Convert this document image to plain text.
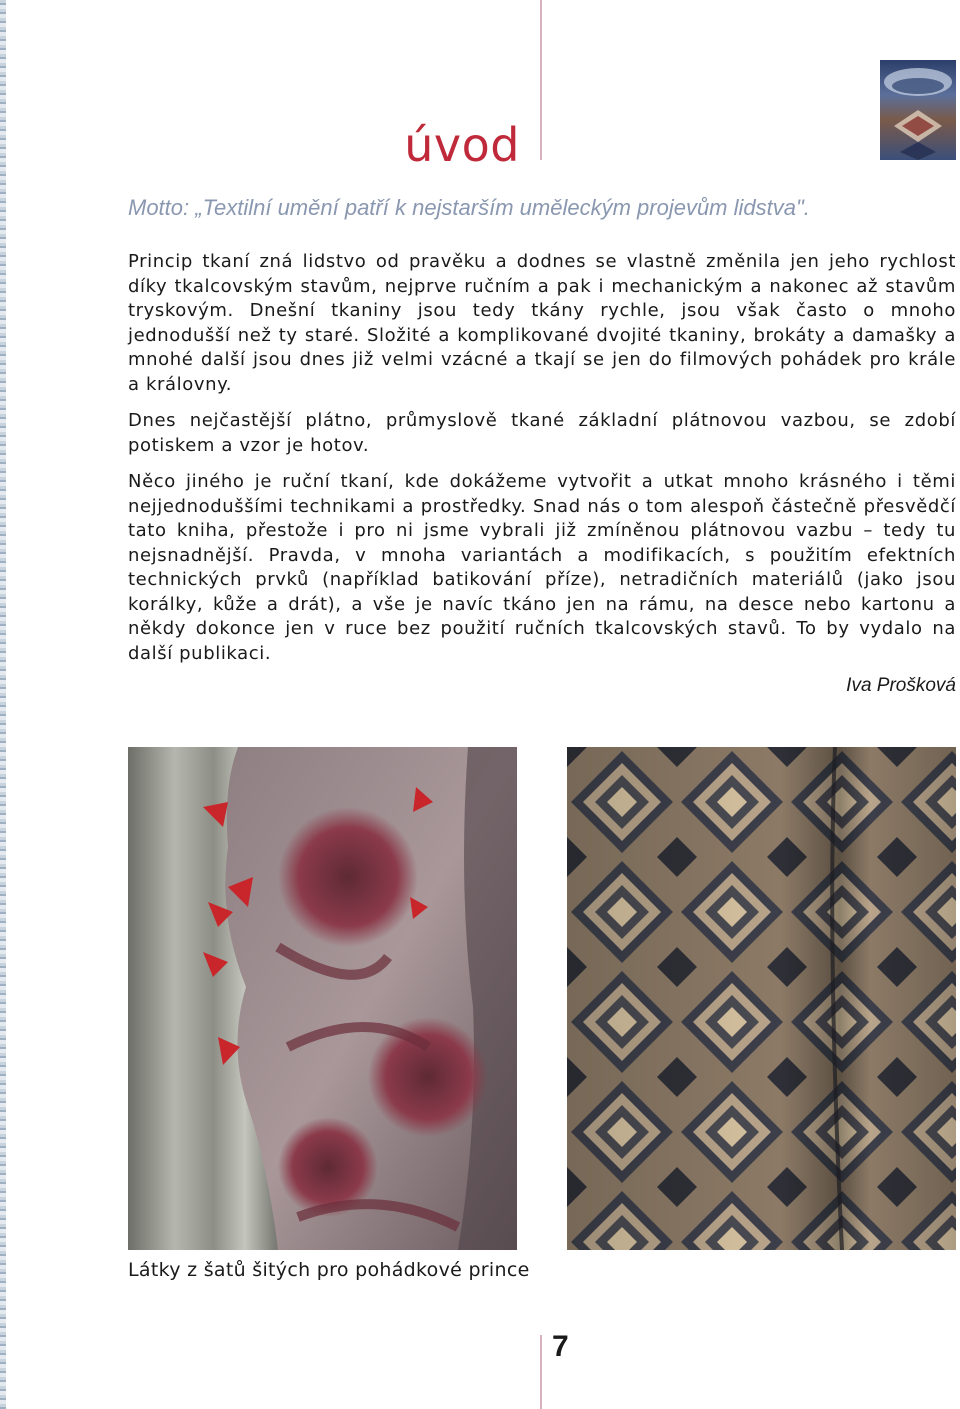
úvod
Motto: „Textilní umění patří k nejstarším uměleckým projevům lidstva".

Princip tkaní zná lidstvo od pravěku a dodnes se vlastně změnila jen jeho rychlost díky tkalcovským stavům, nejprve ručním a pak i mechanickým a nakonec až stavům tryskovým. Dnešní tkaniny jsou tedy tkány rychle, jsou však často o mnoho jednodušší než ty staré. Složité a komplikované dvojité tkaniny, brokáty a damašky a mnohé další jsou dnes již velmi vzácné a tkají se jen do filmových pohádek pro krále a královny.

Dnes nejčastější plátno, průmyslově tkané základní plátnovou vazbou, se zdobí potiskem a vzor je hotov.

Něco jiného je ruční tkaní, kde dokážeme vytvořit a utkat mnoho krásného i těmi nejjednoduššími technikami a prostředky. Snad nás o tom alespoň částečně přesvědčí tato kniha, přestože i pro ni jsme vybrali již zmíněnou plátnovou vazbu – tedy tu nejsnadnější. Pravda, v mnoha variantách a modifikacích, s použitím efektních technických prvků (například batikování příze), netradičních materiálů (jako jsou korálky, kůže a drát), a vše je navíc tkáno jen na rámu, na desce nebo kartonu a někdy dokonce jen v ruce bez použití ručních tkalcovských stavů. To by vydalo na další publikaci.

Iva Prošková
Látky z šatů šitých pro pohádkové prince
7
